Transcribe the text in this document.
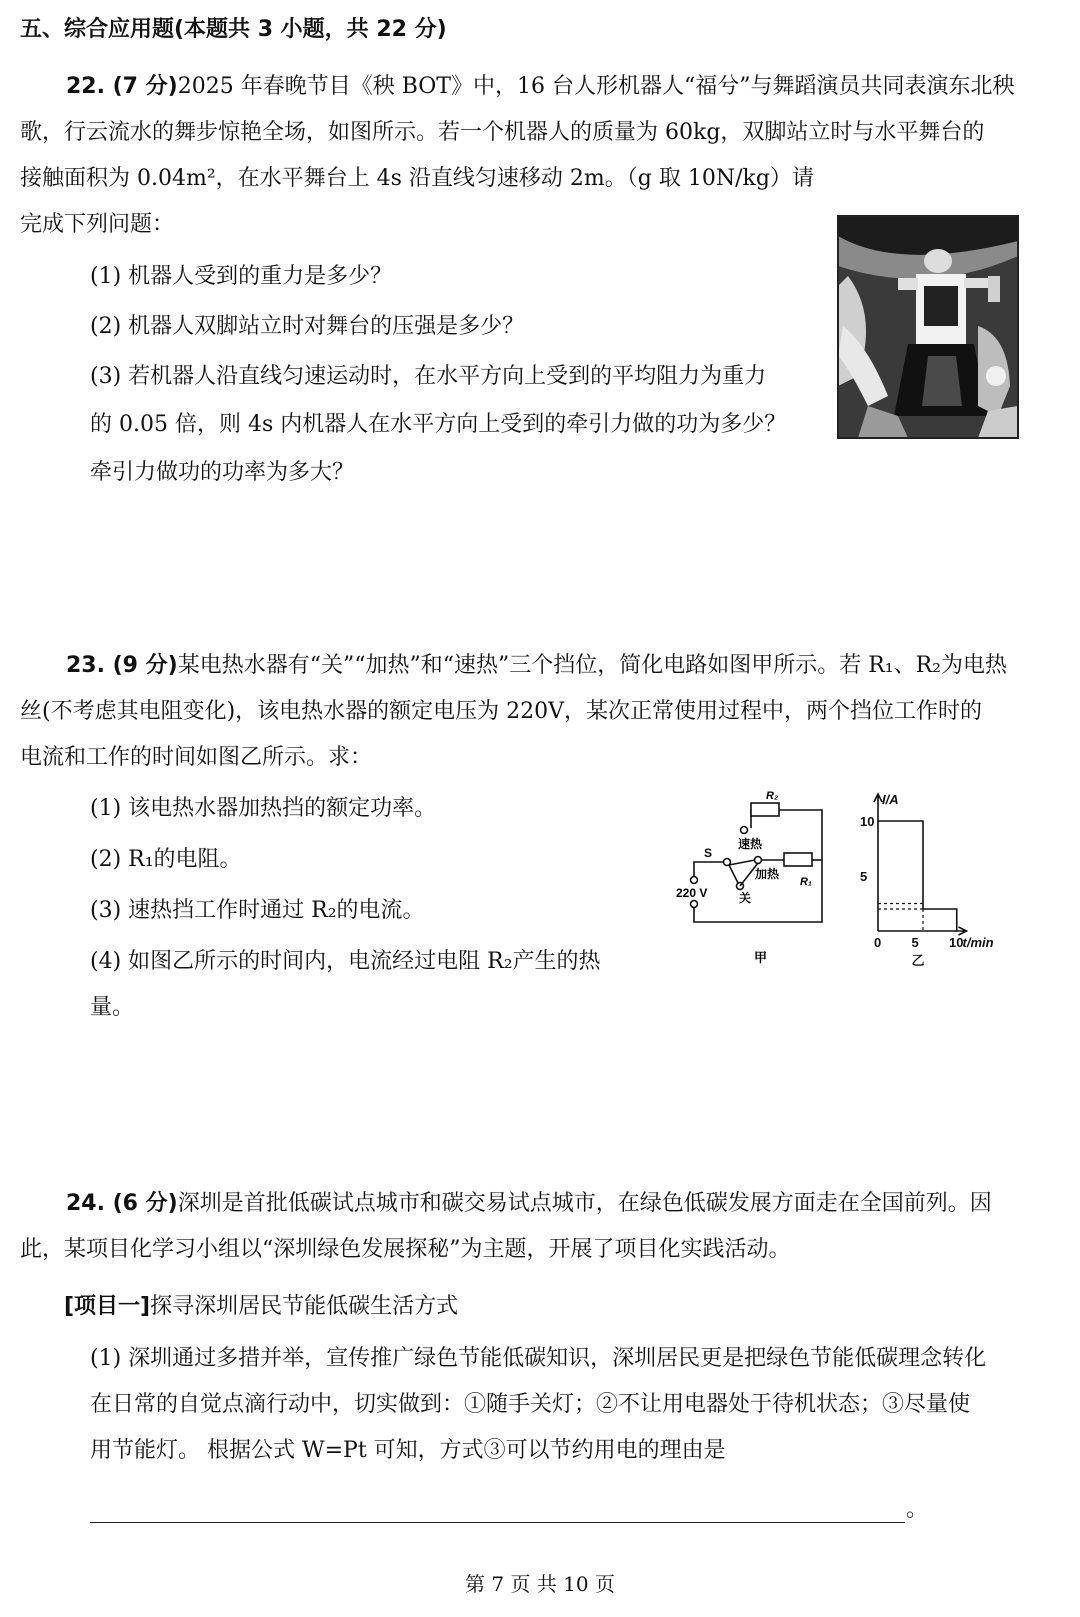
五、综合应用题(本题共 3 小题，共 22 分)

22. (7 分)2025 年春晚节目《秧 BOT》中，16 台人形机器人“福兮”与舞蹈演员共同表演东北秧

歌，行云流水的舞步惊艳全场，如图所示。若一个机器人的质量为 60kg，双脚站立时与水平舞台的

接触面积为 0.04m²，在水平舞台上 4s 沿直线匀速移动 2m。（g 取 10N/kg）请

完成下列问题：

(1) 机器人受到的重力是多少？
(2) 机器人双脚站立时对舞台的压强是多少？
(3) 若机器人沿直线匀速运动时，在水平方向上受到的平均阻力为重力
的 0.05 倍，则 4s 内机器人在水平方向上受到的牵引力做的功为多少？
牵引力做功的功率为多大？

23. (9 分)某电热水器有“关”“加热”和“速热”三个挡位，简化电路如图甲所示。若 R₁、R₂为电热

丝(不考虑其电阻变化)，该电热水器的额定电压为 220V，某次正常使用过程中，两个挡位工作时的

电流和工作的时间如图乙所示。求：

(1) 该电热水器加热挡的额定功率。
(2) R₁的电阻。
(3) 速热挡工作时通过 R₂的电流。
(4) 如图乙所示的时间内，电流经过电阻 R₂产生的热
量。
R₂
R₁
速热
加热
关
S
220 V
甲
0 5 10
5
10
I/A
t/min
乙

24. (6 分)深圳是首批低碳试点城市和碳交易试点城市，在绿色低碳发展方面走在全国前列。因

此，某项目化学习小组以“深圳绿色发展探秘”为主题，开展了项目化实践活动。

[项目一]探寻深圳居民节能低碳生活方式
(1) 深圳通过多措并举，宣传推广绿色节能低碳知识，深圳居民更是把绿色节能低碳理念转化
在日常的自觉点滴行动中，切实做到：①随手关灯；②不让用电器处于待机状态；③尽量使
用节能灯。 根据公式 W=Pt 可知，方式③可以节约用电的理由是
。
第 7 页 共 10 页
